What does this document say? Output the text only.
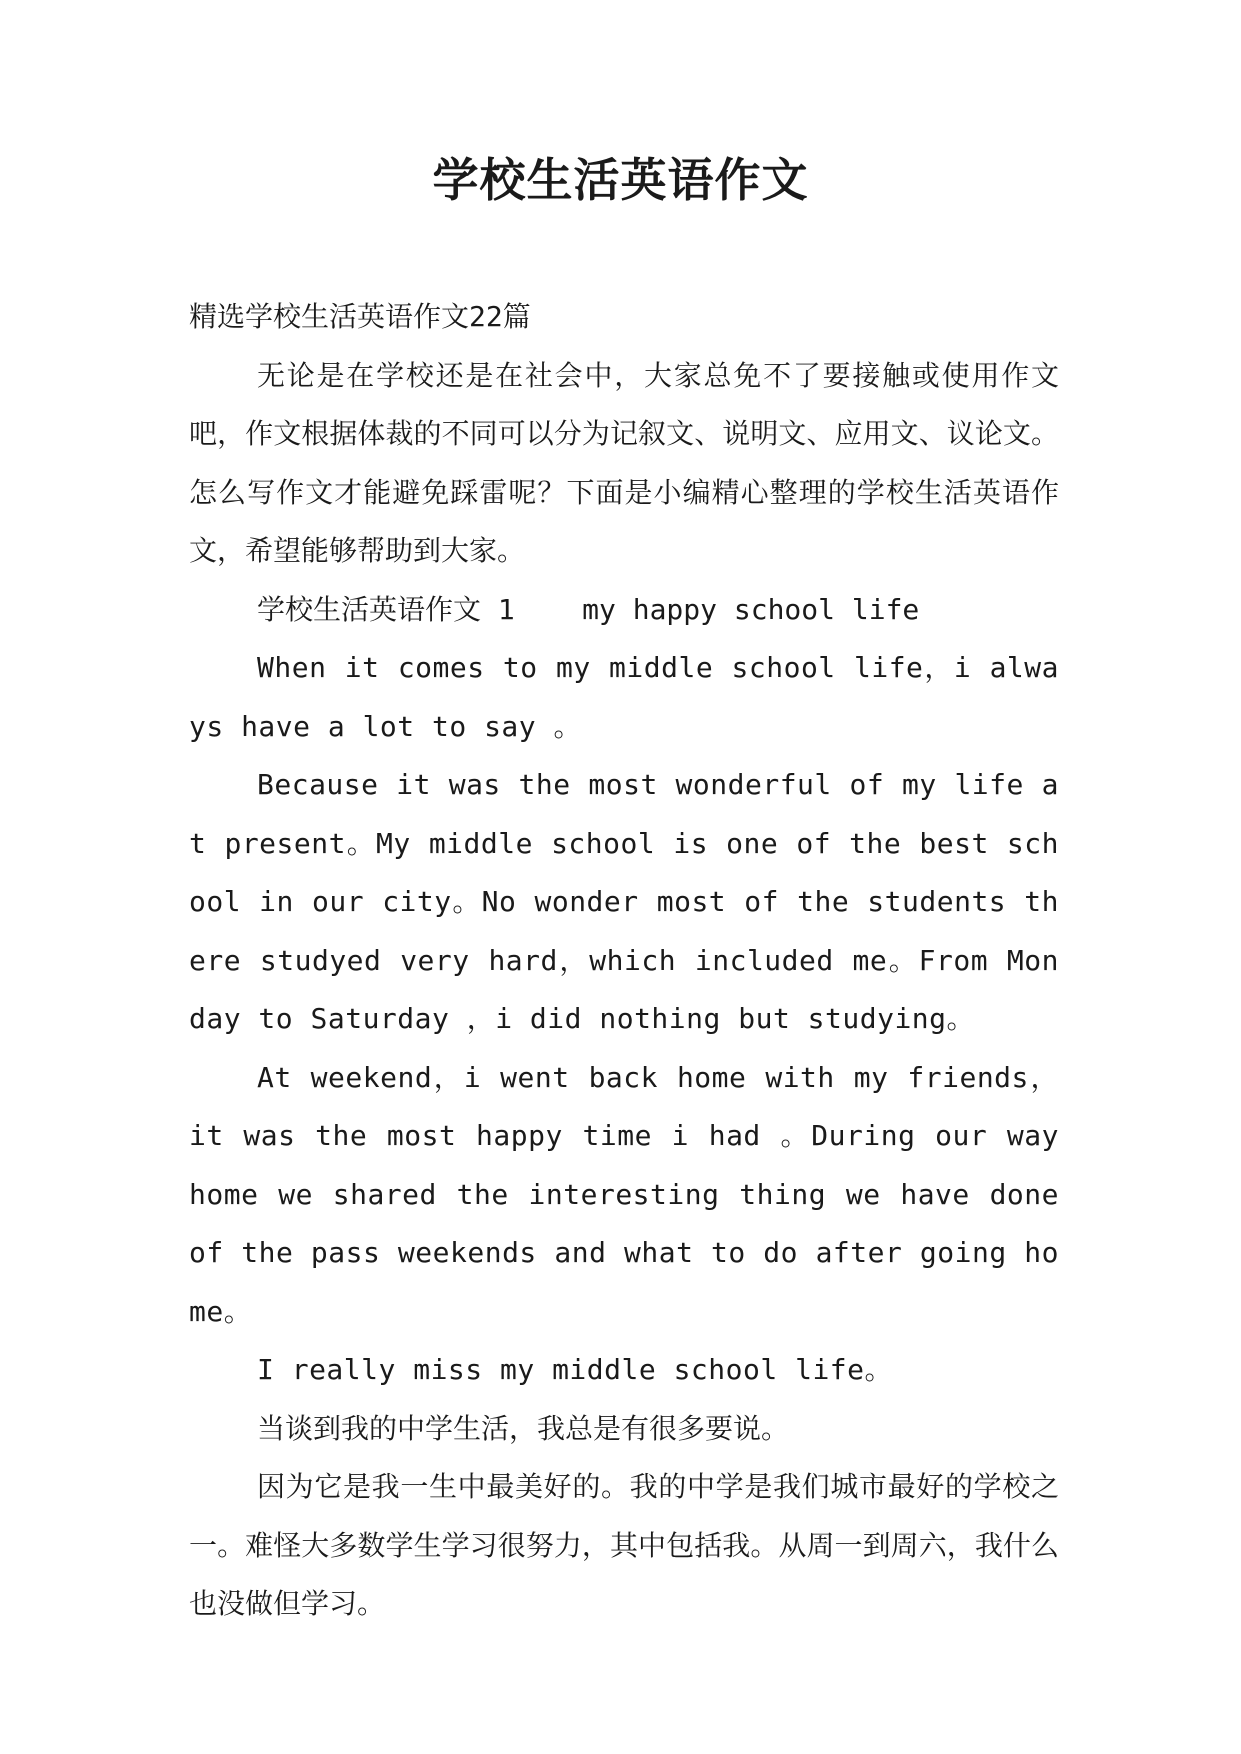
学校生活英语作文

精选学校生活英语作文22篇

无论是在学校还是在社会中，大家总免不了要接触或使用作文吧，作文根据体裁的不同可以分为记叙文、说明文、应用文、议论文。怎么写作文才能避免踩雷呢？下面是小编精心整理的学校生活英语作文，希望能够帮助到大家。

学校生活英语作文 1    my happy school life

When it comes to my middle school life，i always have a lot to say 。

Because it was the most wonderful of my life at present。My middle school is one of the best school in our city。No wonder most of the students there studyed very hard，which included me。From Monday to Saturday ，i did nothing but studying。

At weekend，i went back home with my friends，it was the most happy time i had 。During our way home we shared the interesting thing we have done of the pass weekends and what to do after going home。

I really miss my middle school life。

当谈到我的中学生活，我总是有很多要说。

因为它是我一生中最美好的。我的中学是我们城市最好的学校之一。难怪大多数学生学习很努力，其中包括我。从周一到周六，我什么也没做但学习。
